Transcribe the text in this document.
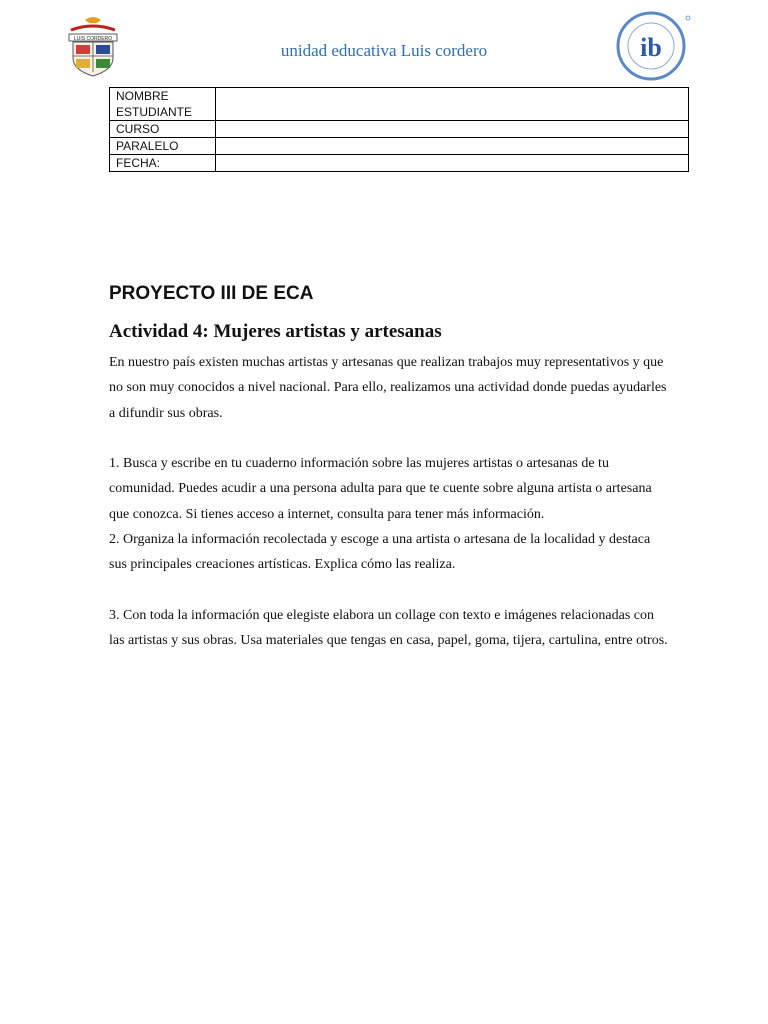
LUIS CORDERO
unidad educativa Luis cordero	ib
NOMBRE ESTUDIANTE	
CURSO	
PARALELO	
FECHA:	
PROYECTO III DE ECA
Actividad 4: Mujeres artistas y artesanas

En nuestro país existen muchas artistas y artesanas que realizan trabajos muy representativos y que no son muy conocidos a nivel nacional. Para ello, realizamos una actividad donde puedas ayudarles a difundir sus obras.

1. Busca y escribe en tu cuaderno información sobre las mujeres artistas o artesanas de tu comunidad. Puedes acudir a una persona adulta para que te cuente sobre alguna artista o artesana que conozca. Si tienes acceso a internet, consulta para tener más información.

2. Organiza la información recolectada y escoge a una artista o artesana de la localidad y destaca sus principales creaciones artísticas. Explica cómo las realiza.

3. Con toda la información que elegiste elabora un collage con texto e imágenes relacionadas con las artistas y sus obras. Usa materiales que tengas en casa, papel, goma, tijera, cartulina, entre otros.
